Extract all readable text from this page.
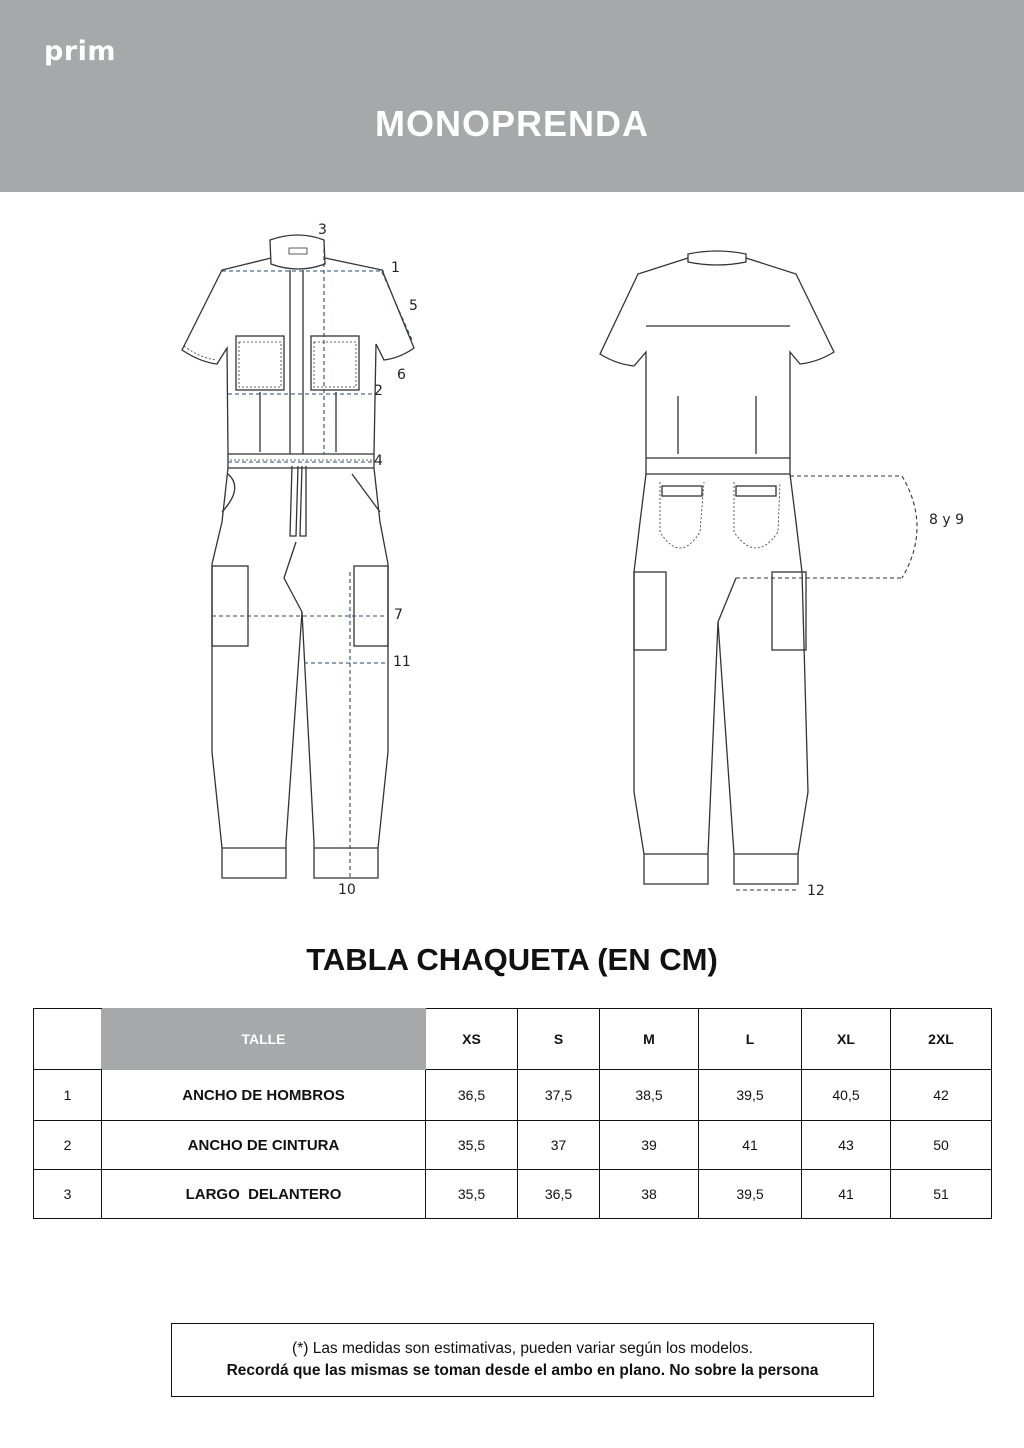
prim
MONOPRENDA
3
1
5
6
2
4
7
11
10
8 y 9
12
TABLA CHAQUETA (EN CM)
	TALLE	XS	S	M	L	XL	2XL
1	ANCHO DE HOMBROS	36,5	37,5	38,5	39,5	40,5	42
2	ANCHO DE CINTURA	35,5	37	39	41	43	50
3	LARGO  DELANTERO	35,5	36,5	38	39,5	41	51
(*) Las medidas son estimativas, pueden variar según los modelos.
Recordá que las mismas se toman desde el ambo en plano. No sobre la persona
